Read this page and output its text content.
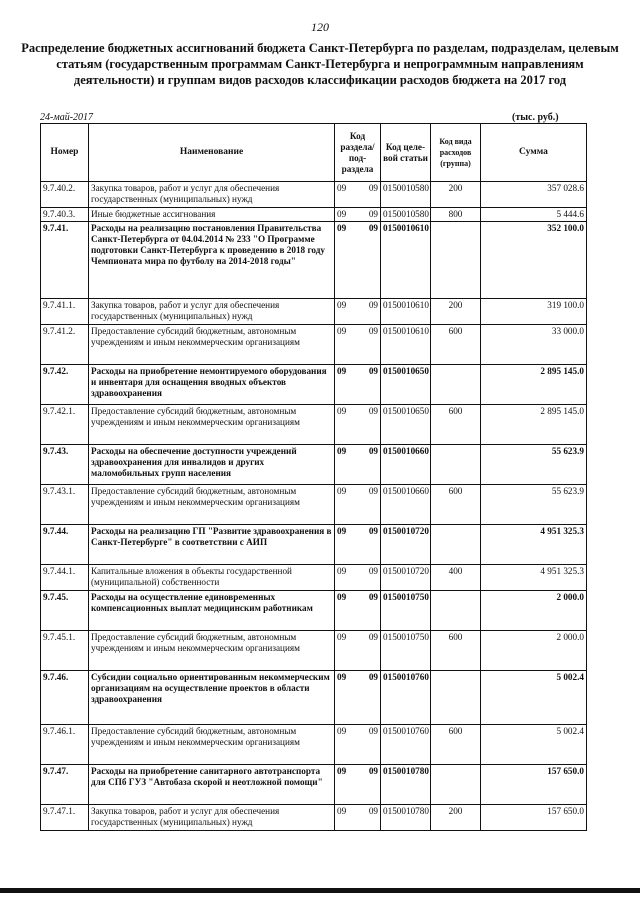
120
Распределение бюджетных ассигнований бюджета Санкт-Петербурга по разделам, подразделам, целевым статьям (государственным программам Санкт-Петербурга и непрограммным направлениям деятельности) и группам видов расходов классификации расходов бюджета на 2017 год
24-май-2017	(тыс. руб.)
Номер	Наименование	Код раздела/ под-раздела	Код целе-вой статьи	Код вида расходов (группа)	Сумма
9.7.40.2.	Закупка товаров, работ и услуг для обеспечения государственных (муниципальных) нужд	09 09	0150010580	200	357 028.6
9.7.40.3.	Иные бюджетные ассигнования	09 09	0150010580	800	5 444.6
9.7.41.	Расходы на реализацию постановления Правительства Санкт-Петербурга от 04.04.2014 № 233 "О Программе подготовки Санкт-Петербурга к проведению в 2018 году Чемпионата мира по футболу на 2014-2018 годы"	09 09	0150010610		352 100.0
9.7.41.1.	Закупка товаров, работ и услуг для обеспечения государственных (муниципальных) нужд	09 09	0150010610	200	319 100.0
9.7.41.2.	Предоставление субсидий бюджетным, автономным учреждениям и иным некоммерческим организациям	09 09	0150010610	600	33 000.0
9.7.42.	Расходы на приобретение немонтируемого оборудования и инвентаря для оснащения вводных объектов здравоохранения	09 09	0150010650		2 895 145.0
9.7.42.1.	Предоставление субсидий бюджетным, автономным учреждениям и иным некоммерческим организациям	09 09	0150010650	600	2 895 145.0
9.7.43.	Расходы на обеспечение доступности учреждений здравоохранения для инвалидов и других маломобильных групп населения	09 09	0150010660		55 623.9
9.7.43.1.	Предоставление субсидий бюджетным, автономным учреждениям и иным некоммерческим организациям	09 09	0150010660	600	55 623.9
9.7.44.	Расходы на реализацию ГП "Развитие здравоохранения в Санкт-Петербурге" в соответствии с АИП	09 09	0150010720		4 951 325.3
9.7.44.1.	Капитальные вложения в объекты государственной (муниципальной) собственности	09 09	0150010720	400	4 951 325.3
9.7.45.	Расходы на осуществление единовременных компенсационных выплат медицинским работникам	09 09	0150010750		2 000.0
9.7.45.1.	Предоставление субсидий бюджетным, автономным учреждениям и иным некоммерческим организациям	09 09	0150010750	600	2 000.0
9.7.46.	Субсидии социально ориентированным некоммерческим организациям на осуществление проектов в области здравоохранения	09 09	0150010760		5 002.4
9.7.46.1.	Предоставление субсидий бюджетным, автономным учреждениям и иным некоммерческим организациям	09 09	0150010760	600	5 002.4
9.7.47.	Расходы на приобретение санитарного автотранспорта для СПб ГУЗ "Автобаза скорой и неотложной помощи"	09 09	0150010780		157 650.0
9.7.47.1.	Закупка товаров, работ и услуг для обеспечения государственных (муниципальных) нужд	09 09	0150010780	200	157 650.0
